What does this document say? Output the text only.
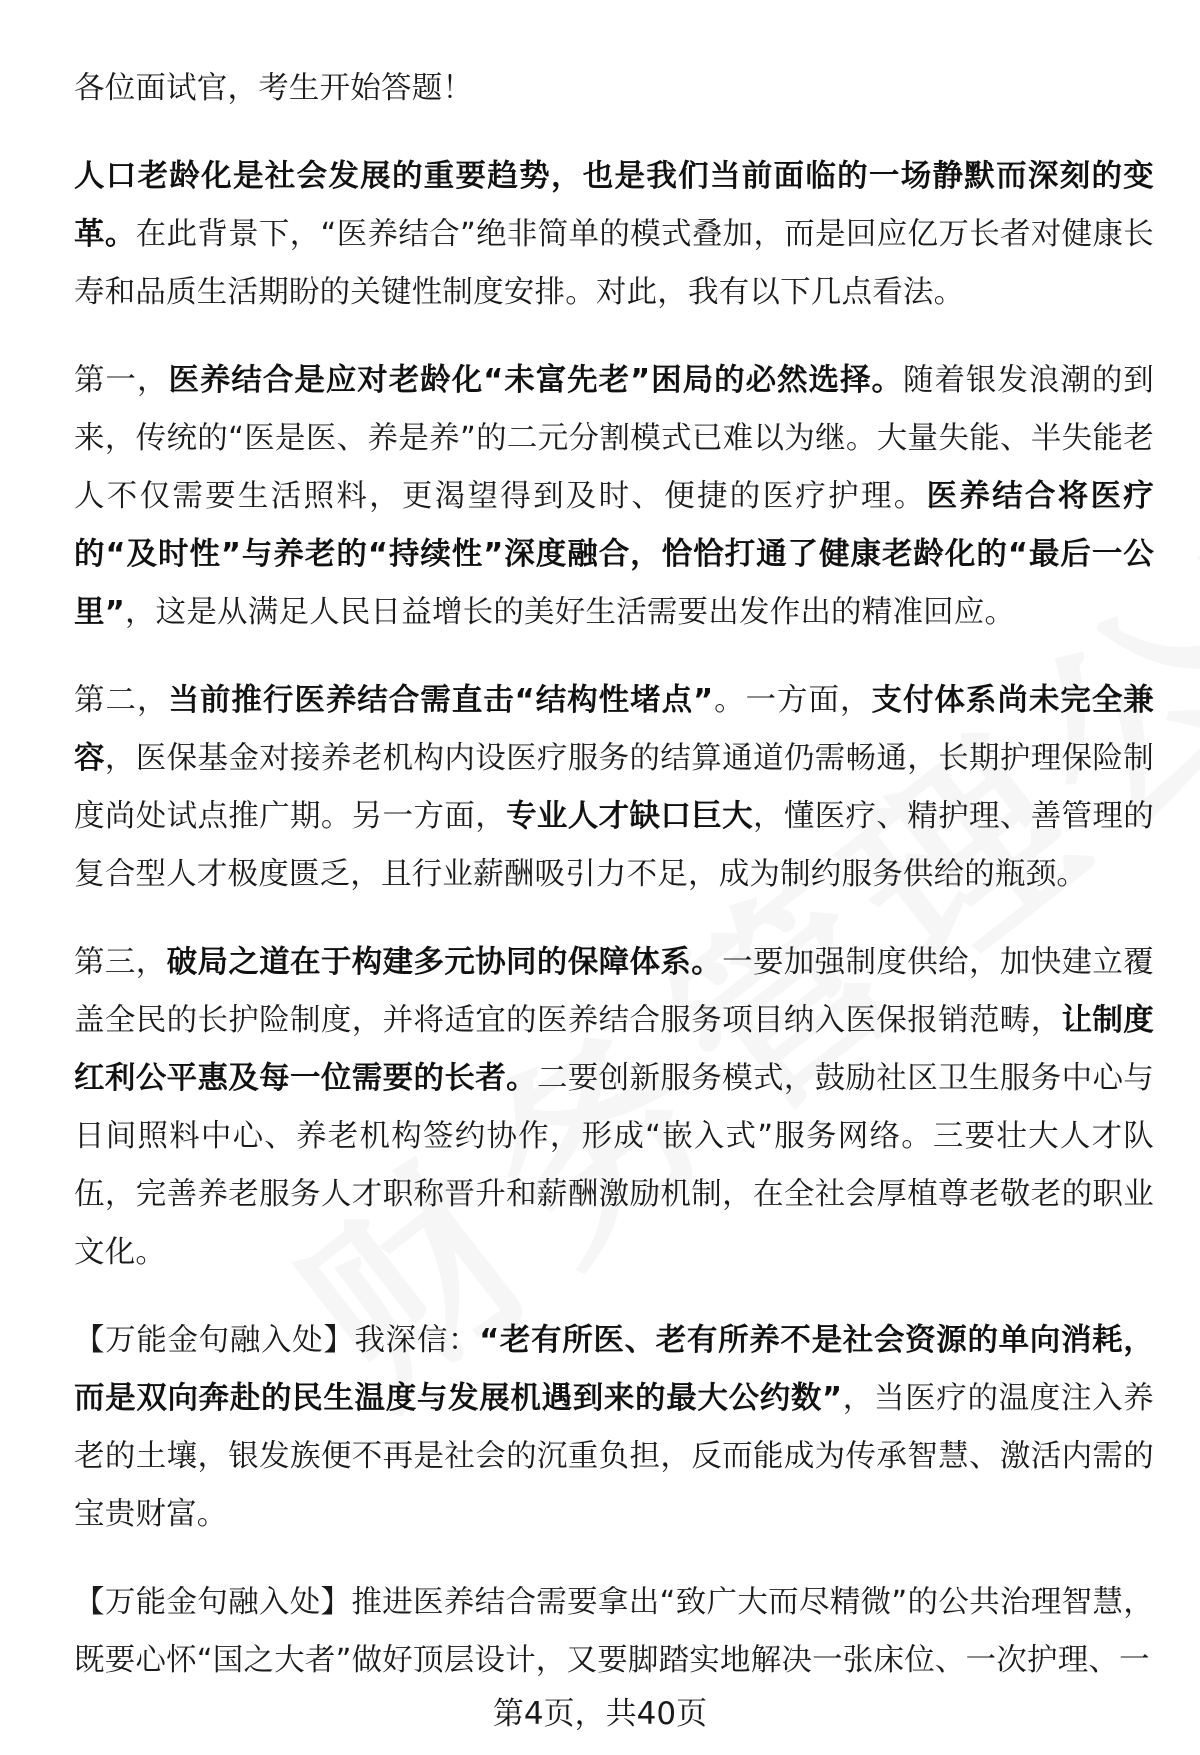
各位面试官，考生开始答题！

人口老龄化是社会发展的重要趋势，也是我们当前面临的一场静默而深刻的变革。在此背景下，“医养结合”绝非简单的模式叠加，而是回应亿万长者对健康长寿和品质生活期盼的关键性制度安排。对此，我有以下几点看法。

第一，医养结合是应对老龄化“未富先老”困局的必然选择。随着银发浪潮的到来，传统的“医是医、养是养”的二元分割模式已难以为继。大量失能、半失能老人不仅需要生活照料，更渴望得到及时、便捷的医疗护理。医养结合将医疗的“及时性”与养老的“持续性”深度融合，恰恰打通了健康老龄化的“最后一公里”，这是从满足人民日益增长的美好生活需要出发作出的精准回应。

第二，当前推行医养结合需直击“结构性堵点”。一方面，支付体系尚未完全兼容，医保基金对接养老机构内设医疗服务的结算通道仍需畅通，长期护理保险制度尚处试点推广期。另一方面，专业人才缺口巨大，懂医疗、精护理、善管理的复合型人才极度匮乏，且行业薪酬吸引力不足，成为制约服务供给的瓶颈。

第三，破局之道在于构建多元协同的保障体系。一要加强制度供给，加快建立覆盖全民的长护险制度，并将适宜的医养结合服务项目纳入医保报销范畴，让制度红利公平惠及每一位需要的长者。二要创新服务模式，鼓励社区卫生服务中心与日间照料中心、养老机构签约协作，形成“嵌入式”服务网络。三要壮大人才队伍，完善养老服务人才职称晋升和薪酬激励机制，在全社会厚植尊老敬老的职业文化。

【万能金句融入处】我深信：“老有所医、老有所养不是社会资源的单向消耗，而是双向奔赴的民生温度与发展机遇到来的最大公约数”，当医疗的温度注入养老的土壤，银发族便不再是社会的沉重负担，反而能成为传承智慧、激活内需的宝贵财富。

【万能金句融入处】推进医养结合需要拿出“致广大而尽精微”的公共治理智慧，既要心怀“国之大者”做好顶层设计，又要脚踏实地解决一张床位、一次护理、一

第4页，共40页
